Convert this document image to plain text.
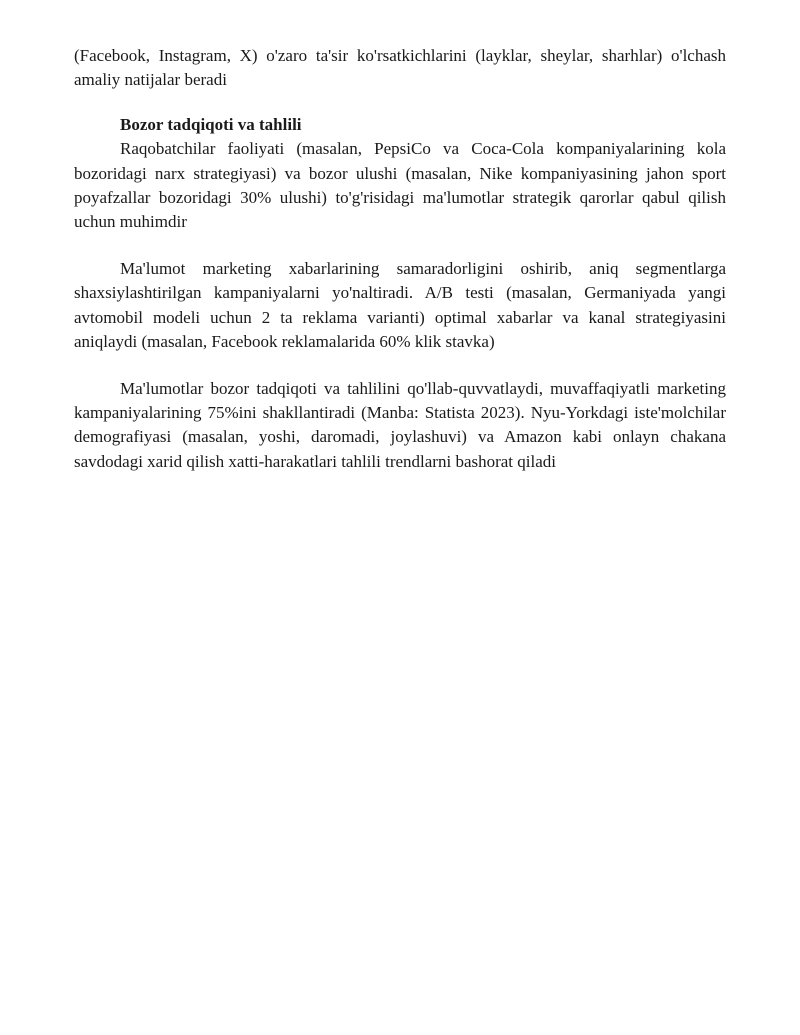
(Facebook, Instagram, X) o'zaro ta'sir ko'rsatkichlarini (layklar, sheylar, sharhlar) o'lchash amaliy natijalar beradi

Bozor tadqiqoti va tahlili

Raqobatchilar faoliyati (masalan, PepsiCo va Coca-Cola kompaniyalarining kola bozoridagi narx strategiyasi) va bozor ulushi (masalan, Nike kompaniyasining jahon sport poyafzallar bozoridagi 30% ulushi) to'g'risidagi ma'lumotlar strategik qarorlar qabul qilish uchun muhimdir

Ma'lumot marketing xabarlarining samaradorligini oshirib, aniq segmentlarga shaxsiylashtirilgan kampaniyalarni yo'naltiradi. A/B testi (masalan, Germaniyada yangi avtomobil modeli uchun 2 ta reklama varianti) optimal xabarlar va kanal strategiyasini aniqlaydi (masalan, Facebook reklamalarida 60% klik stavka)

Ma'lumotlar bozor tadqiqoti va tahlilini qo'llab-quvvatlaydi, muvaffaqiyatli marketing kampaniyalarining 75%ini shakllantiradi (Manba: Statista 2023). Nyu-Yorkdagi iste'molchilar demografiyasi (masalan, yoshi, daromadi, joylashuvi) va Amazon kabi onlayn chakana savdodagi xarid qilish xatti-harakatlari tahlili trendlarni bashorat qiladi
